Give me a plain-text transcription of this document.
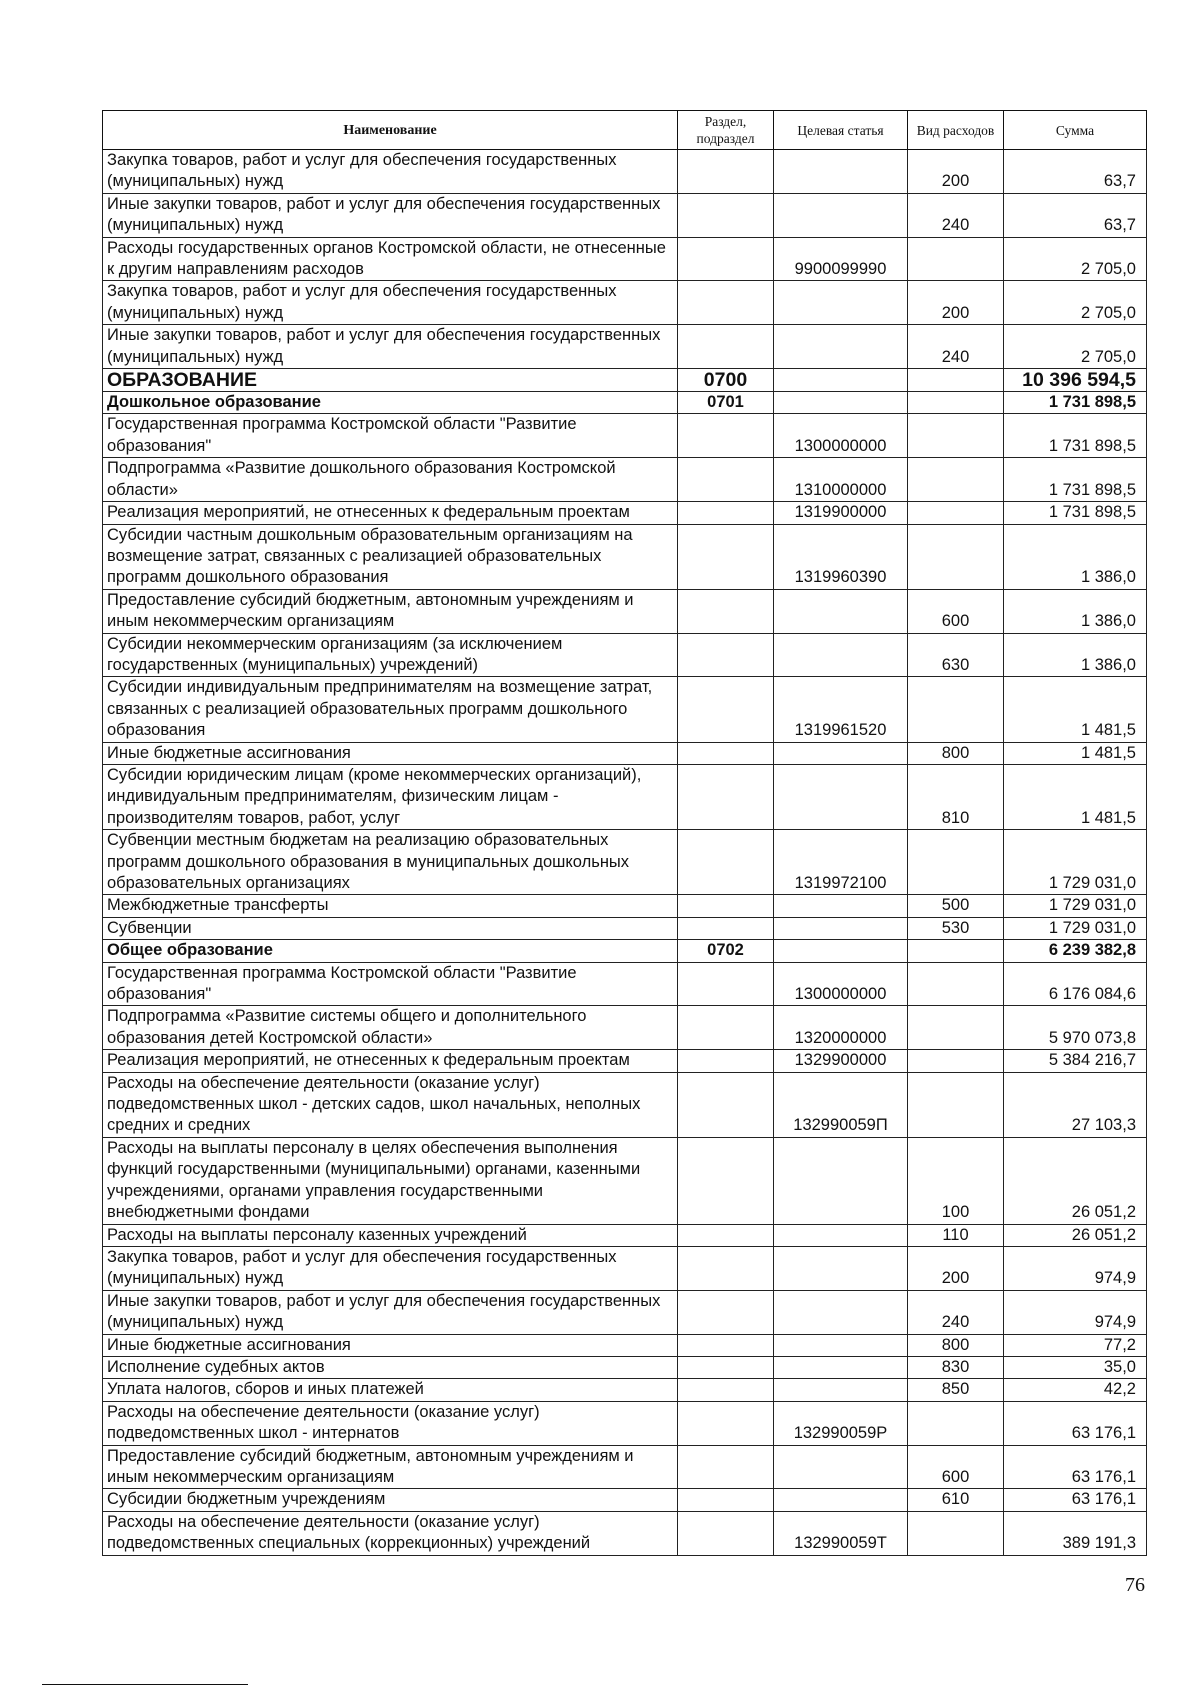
Наименование	Раздел, подраздел	Целевая статья	Вид расходов	Сумма
Закупка товаров, работ и услуг для обеспечения государственных (муниципальных) нужд			200	63,7
Иные закупки товаров, работ и услуг для обеспечения государственных (муниципальных) нужд			240	63,7
Расходы государственных органов Костромской области, не отнесенные к другим направлениям расходов		9900099990		2 705,0
Закупка товаров, работ и услуг для обеспечения государственных (муниципальных) нужд			200	2 705,0
Иные закупки товаров, работ и услуг для обеспечения государственных (муниципальных) нужд			240	2 705,0
ОБРАЗОВАНИЕ	0700			10 396 594,5
Дошкольное образование	0701			1 731 898,5
Государственная программа Костромской области "Развитие образования"		1300000000		1 731 898,5
Подпрограмма «Развитие дошкольного образования Костромской области»		1310000000		1 731 898,5
Реализация мероприятий, не отнесенных к федеральным проектам		1319900000		1 731 898,5
Субсидии частным дошкольным образовательным организациям на возмещение затрат, связанных с реализацией образовательных программ дошкольного образования		1319960390		1 386,0
Предоставление субсидий бюджетным, автономным учреждениям и иным некоммерческим организациям			600	1 386,0
Субсидии некоммерческим организациям (за исключением государственных (муниципальных) учреждений)			630	1 386,0
Субсидии индивидуальным предпринимателям на возмещение затрат, связанных с реализацией образовательных программ дошкольного образования		1319961520		1 481,5
Иные бюджетные ассигнования			800	1 481,5
Субсидии юридическим лицам (кроме некоммерческих организаций), индивидуальным предпринимателям, физическим лицам - производителям товаров, работ, услуг			810	1 481,5
Субвенции местным бюджетам на реализацию образовательных программ дошкольного образования в муниципальных дошкольных образовательных организациях		1319972100		1 729 031,0
Межбюджетные трансферты			500	1 729 031,0
Субвенции			530	1 729 031,0
Общее образование	0702			6 239 382,8
Государственная программа Костромской области "Развитие образования"		1300000000		6 176 084,6
Подпрограмма «Развитие системы общего и дополнительного образования детей Костромской области»		1320000000		5 970 073,8
Реализация мероприятий, не отнесенных к федеральным проектам		1329900000		5 384 216,7
Расходы на обеспечение деятельности (оказание услуг) подведомственных школ - детских садов, школ начальных, неполных средних и средних		132990059П		27 103,3
Расходы на выплаты персоналу в целях обеспечения выполнения функций государственными (муниципальными) органами, казенными учреждениями, органами управления государственными внебюджетными фондами			100	26 051,2
Расходы на выплаты персоналу казенных учреждений			110	26 051,2
Закупка товаров, работ и услуг для обеспечения государственных (муниципальных) нужд			200	974,9
Иные закупки товаров, работ и услуг для обеспечения государственных (муниципальных) нужд			240	974,9
Иные бюджетные ассигнования			800	77,2
Исполнение судебных актов			830	35,0
Уплата налогов, сборов и иных платежей			850	42,2
Расходы на обеспечение деятельности (оказание услуг) подведомственных школ - интернатов		132990059Р		63 176,1
Предоставление субсидий бюджетным, автономным учреждениям и иным некоммерческим организациям			600	63 176,1
Субсидии бюджетным учреждениям			610	63 176,1
Расходы на обеспечение деятельности (оказание услуг) подведомственных специальных (коррекционных) учреждений		132990059Т		389 191,3
76
